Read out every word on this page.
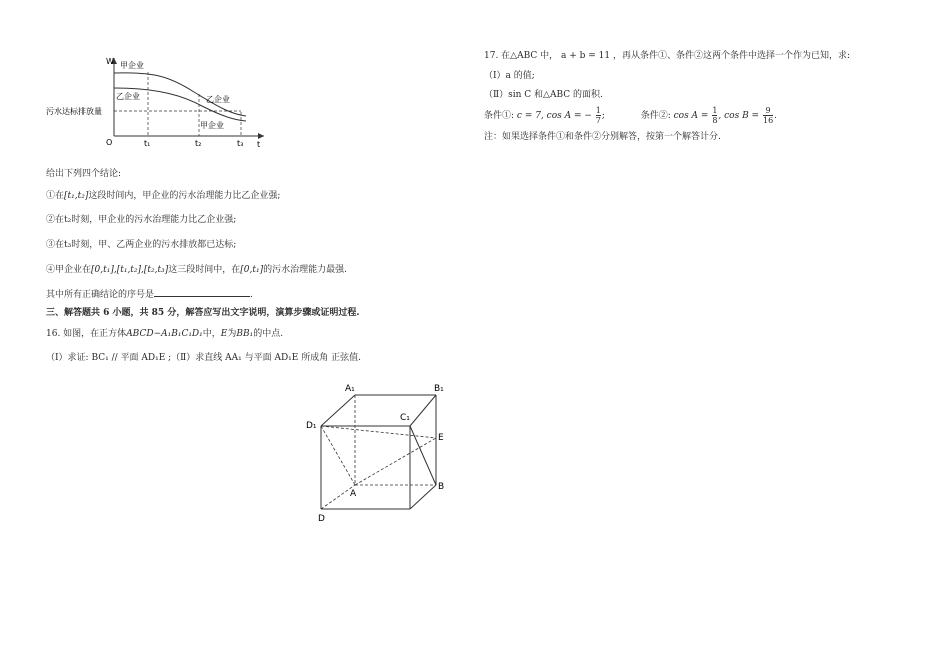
W
t
O	t₁	t₂	t₃
污水达标排放量
甲企业
乙企业	乙企业
甲企业
给出下列四个结论:
①在[t₁,t₂]这段时间内，甲企业的污水治理能力比乙企业强;
②在t₂时刻，甲企业的污水治理能力比乙企业强;
③在t₃时刻，甲、乙两企业的污水排放都已达标;
④甲企业在[0,t₁],[t₁,t₂],[t₂,t₃]这三段时间中，在[0,t₁]的污水治理能力最强.
其中所有正确结论的序号是	.
三、解答题共 6 小题，共 85 分，解答应写出文字说明，演算步骤或证明过程.
16. 如图，在正方体ABCD−A₁B₁C₁D₁中，E为BB₁的中点.
（Ⅰ）求证: BC₁ // 平面 AD₁E ;（Ⅱ）求直线 AA₁ 与平面 AD₁E 所成角 正弦值.
A₁	B₁
C₁
D₁
E
A
B
D
17. 在△ABC 中， a + b = 11 ，再从条件①、条件②这两个条件中选择一个作为已知，求:
（Ⅰ）a 的值;
（Ⅱ）sin C 和△ABC 的面积.
条件①: c = 7, cos A = − $\frac{1}{7}$ ;	条件②: $\cos A = \frac{1}{8}$ , $\cos B = \frac{9}{16}$ .
注：如果选择条件①和条件②分别解答，按第一个解答计分.
